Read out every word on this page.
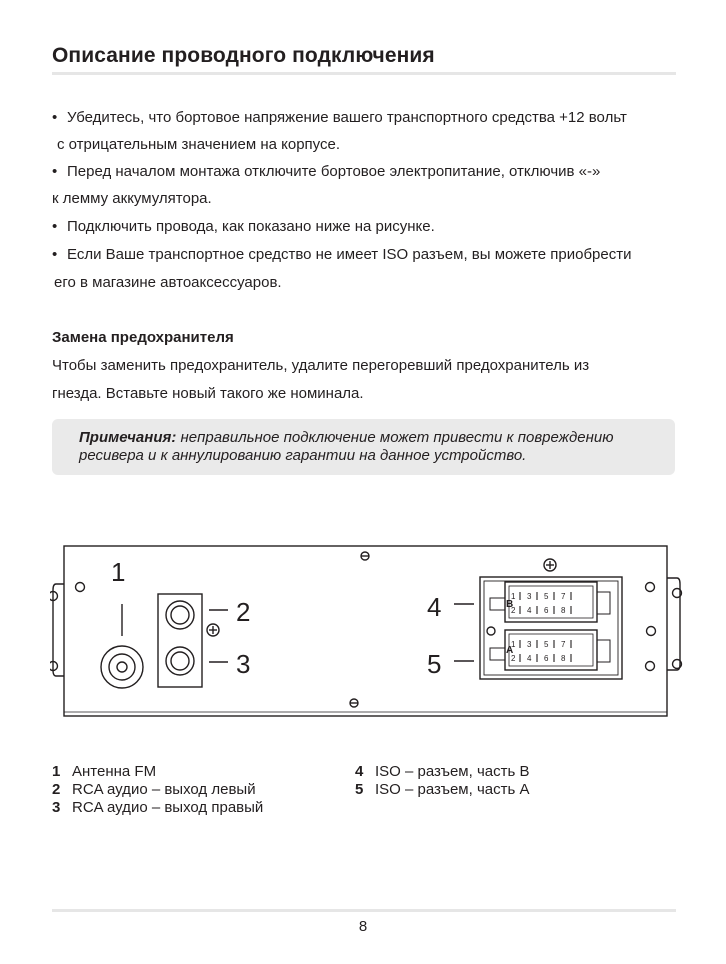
Описание проводного подключения
• Убедитесь, что бортовое напряжение вашего транспортного средства +12 вольт

с отрицательным значением на корпусе.

• Перед началом монтажа отключите бортовое электропитание, отключив «-»

к лемму аккумулятора.

• Подключить провода, как показано ниже на рисунке.

• Если Ваше транспортное средство не имеет ISO разъем, вы можете приобрести

его в магазине автоаксессуаров.

Замена предохранителя

Чтобы заменить предохранитель, удалите перегоревший предохранитель из

гнезда. Вставьте новый такого же номинала.

Примечания: неправильное подключение может привести к повреждению
ресивера и к аннулированию гарантии на данное устройство.

1 3 5 7
2 4 6 8
1 3 5 7
2 4 6 8
B
A
1
2
3
4
5
1 Антенна FM
2 RCA аудио – выход левый
3 RCA аудио – выход правый
4 ISO – разъем, часть В
5 ISO – разъем, часть А
8
